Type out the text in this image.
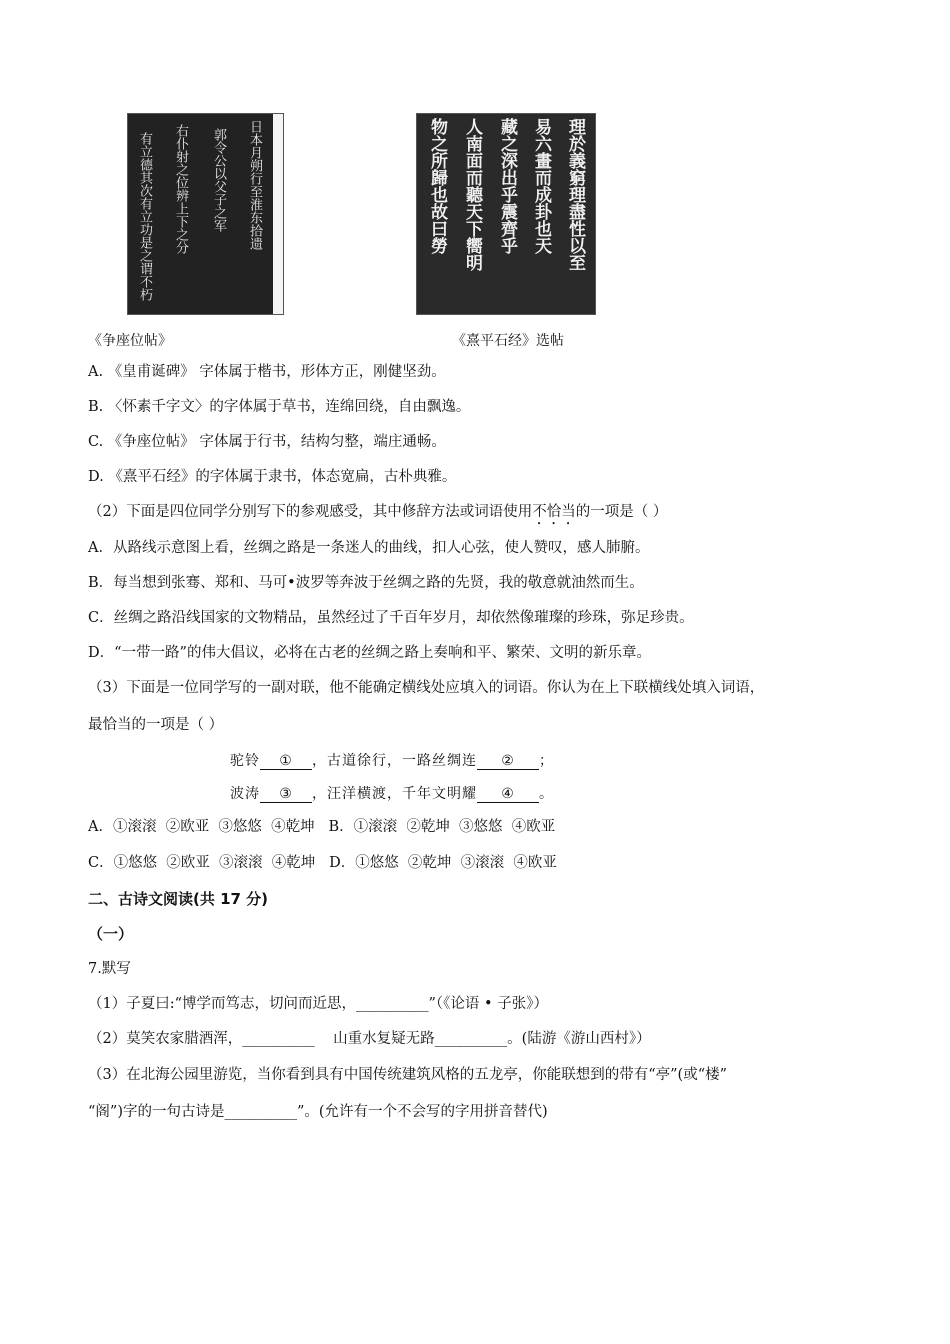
有立德其次有立功是之谓不朽 右仆射之位辨上下之分 郭令公以父子之军 日本月朔行至淮东拾遗	理於義窮理盡性以至
易六畫而成卦也天
藏之深出乎震齊乎
人南面而聽天下嚮明
物之所歸也故曰勞
《争座位帖》	《熹平石经》选帖
A. 《皇甫诞碑》 字体属于楷书，形体方正，刚健坚劲。
B. 〈怀素千字文〉的字体属于草书，连绵回绕，自由飘逸。
C. 《争座位帖》 字体属于行书，结构匀整，端庄通畅。
D. 《熹平石经》的字体属于隶书，体态宽扁，古朴典雅。
（2）下面是四位同学分别写下的参观感受，其中修辞方法或词语使用不恰当的一项是（ ）
A．从路线示意图上看，丝绸之路是一条迷人的曲线，扣人心弦，使人赞叹，感人肺腑。
B．每当想到张骞、郑和、马可•波罗等奔波于丝绸之路的先贤，我的敬意就油然而生。
C．丝绸之路沿线国家的文物精品，虽然经过了千百年岁月，却依然像璀璨的珍珠，弥足珍贵。
D．“一带一路”的伟大倡议，必将在古老的丝绸之路上奏响和平、繁荣、文明的新乐章。
（3）下面是一位同学写的一副对联，他不能确定横线处应填入的词语。你认为在上下联横线处填入词语，
最恰当的一项是（ ）
驼铃 ① ，古道徐行，一路丝绸连 ② ；
波涛 ③ ，汪洋横渡，千年文明耀 ④ 。
A．①滚滚  ②欧亚  ③悠悠  ④乾坤   B．①滚滚  ②乾坤  ③悠悠  ④欧亚
C．①悠悠  ②欧亚  ③滚滚  ④乾坤   D．①悠悠  ②乾坤  ③滚滚  ④欧亚
二、古诗文阅读(共 17 分)
（一）
7.默写
（1）子夏曰:“博学而笃志，切问而近思，__________”（《论语 • 子张》）
（2）莫笑农家腊酒浑，__________    山重水复疑无路__________。(陆游《游山西村》）
（3）在北海公园里游览，当你看到具有中国传统建筑风格的五龙亭，你能联想到的带有“亭”(或“楼”
“阁”)字的一句古诗是__________”。(允许有一个不会写的字用拼音替代)
